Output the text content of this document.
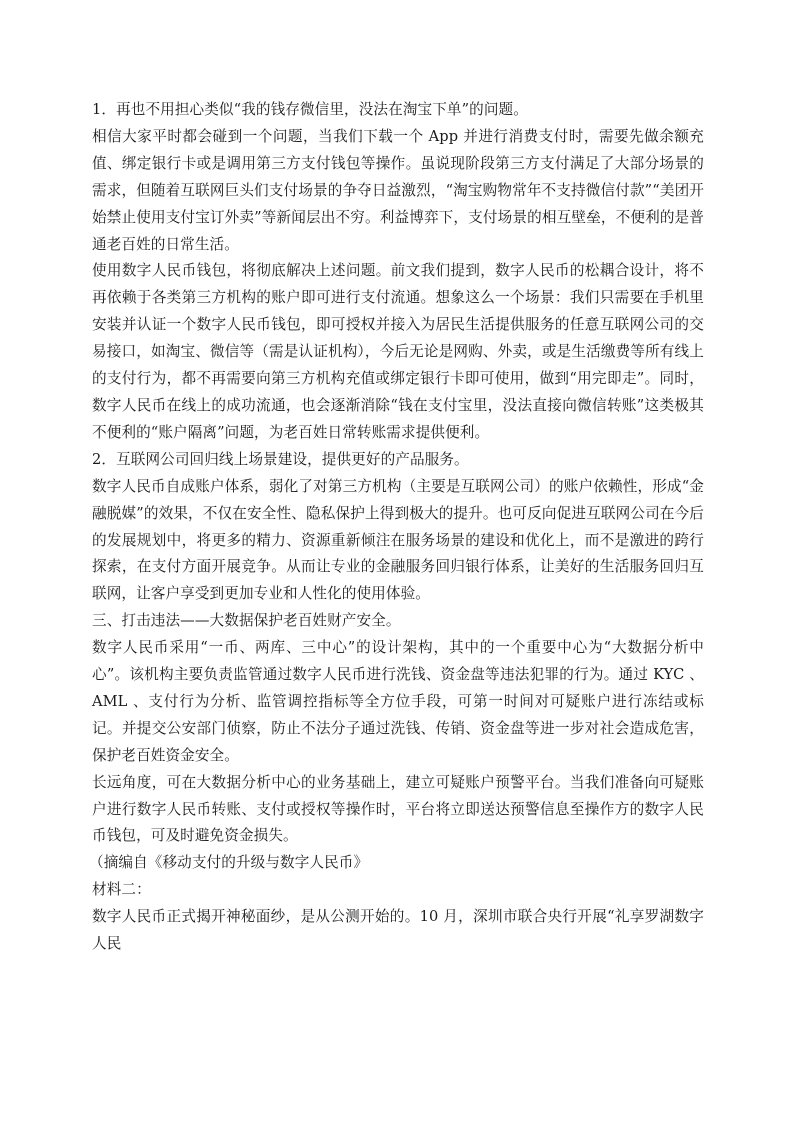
1．再也不用担心类似“我的钱存微信里，没法在淘宝下单”的问题。

相信大家平时都会碰到一个问题，当我们下载一个 App 并进行消费支付时，需要先做余额充值、绑定银行卡或是调用第三方支付钱包等操作。虽说现阶段第三方支付满足了大部分场景的需求，但随着互联网巨头们支付场景的争夺日益激烈，“淘宝购物常年不支持微信付款”“美团开始禁止使用支付宝订外卖”等新闻层出不穷。利益博弈下，支付场景的相互壁垒，不便利的是普通老百姓的日常生活。

使用数字人民币钱包，将彻底解决上述问题。前文我们提到，数字人民币的松耦合设计，将不再依赖于各类第三方机构的账户即可进行支付流通。想象这么一个场景：我们只需要在手机里安装并认证一个数字人民币钱包，即可授权并接入为居民生活提供服务的任意互联网公司的交易接口，如淘宝、微信等（需是认证机构），今后无论是网购、外卖，或是生活缴费等所有线上的支付行为，都不再需要向第三方机构充值或绑定银行卡即可使用，做到“用完即走”。同时，数字人民币在线上的成功流通，也会逐渐消除“钱在支付宝里，没法直接向微信转账”这类极其不便利的“账户隔离”问题，为老百姓日常转账需求提供便利。

2．互联网公司回归线上场景建设，提供更好的产品服务。

数字人民币自成账户体系，弱化了对第三方机构（主要是互联网公司）的账户依赖性，形成“金融脱媒”的效果，不仅在安全性、隐私保护上得到极大的提升。也可反向促进互联网公司在今后的发展规划中，将更多的精力、资源重新倾注在服务场景的建设和优化上，而不是激进的跨行探索，在支付方面开展竞争。从而让专业的金融服务回归银行体系，让美好的生活服务回归互联网，让客户享受到更加专业和人性化的使用体验。

三、打击违法——大数据保护老百姓财产安全。

数字人民币采用“一币、两库、三中心”的设计架构，其中的一个重要中心为“大数据分析中心”。该机构主要负责监管通过数字人民币进行洗钱、资金盘等违法犯罪的行为。通过 KYC 、AML 、支付行为分析、监管调控指标等全方位手段，可第一时间对可疑账户进行冻结或标记。并提交公安部门侦察，防止不法分子通过洗钱、传销、资金盘等进一步对社会造成危害，保护老百姓资金安全。

长远角度，可在大数据分析中心的业务基础上，建立可疑账户预警平台。当我们准备向可疑账户进行数字人民币转账、支付或授权等操作时，平台将立即送达预警信息至操作方的数字人民币钱包，可及时避免资金损失。

（摘编自《移动支付的升级与数字人民币》

材料二：

数字人民币正式揭开神秘面纱，是从公测开始的。10 月，深圳市联合央行开展“礼享罗湖数字人民
